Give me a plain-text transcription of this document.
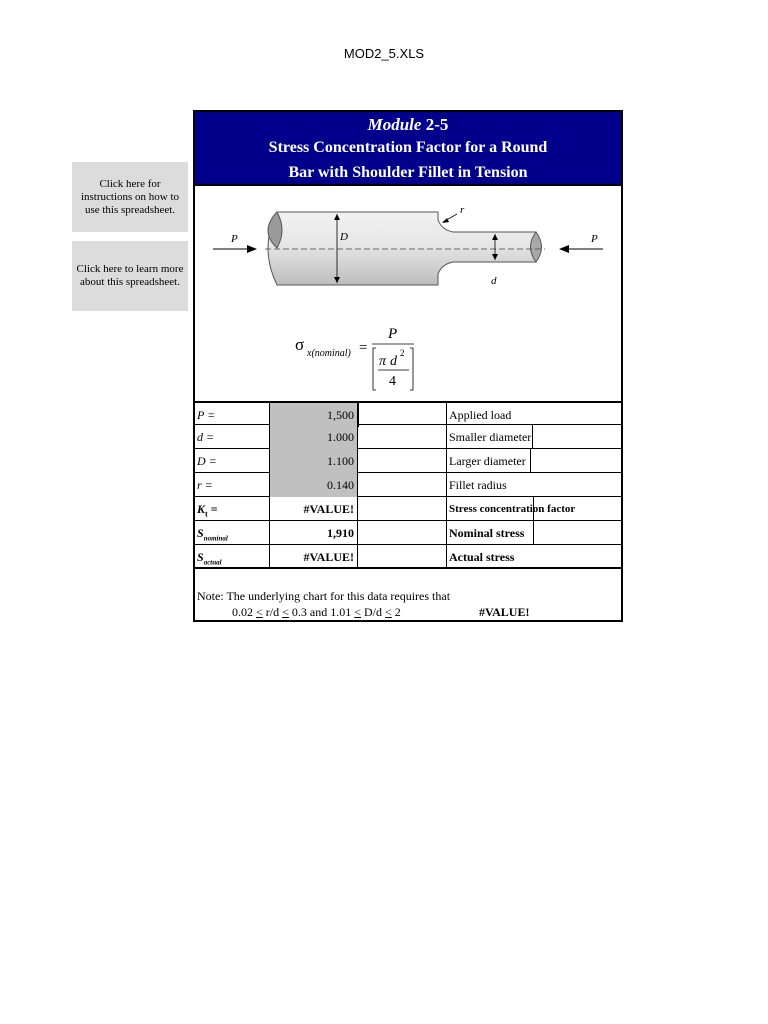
MOD2_5.XLS
Click here for instructions on how to use this spreadsheet.
Click here to learn more about this spreadsheet.
Module 2-5
Stress Concentration Factor for a Round
Bar with Shoulder Fillet in Tension
P	P
D
d
r
σ x(nominal) =
P
π d
2
4
P =	1,500	Applied load
d =	1.000	Smaller diameter
D =	1.100	Larger diameter
r =	0.140	Fillet radius
$K_t$ =	#VALUE!	Stress concentration factor
$S_{nominal}$	1,910	Nominal stress
$S_{actual}$	#VALUE!	Actual stress
Note: The underlying chart for this data requires that
0.02 < r/d < 0.3 and 1.01 < D/d < 2	#VALUE!
